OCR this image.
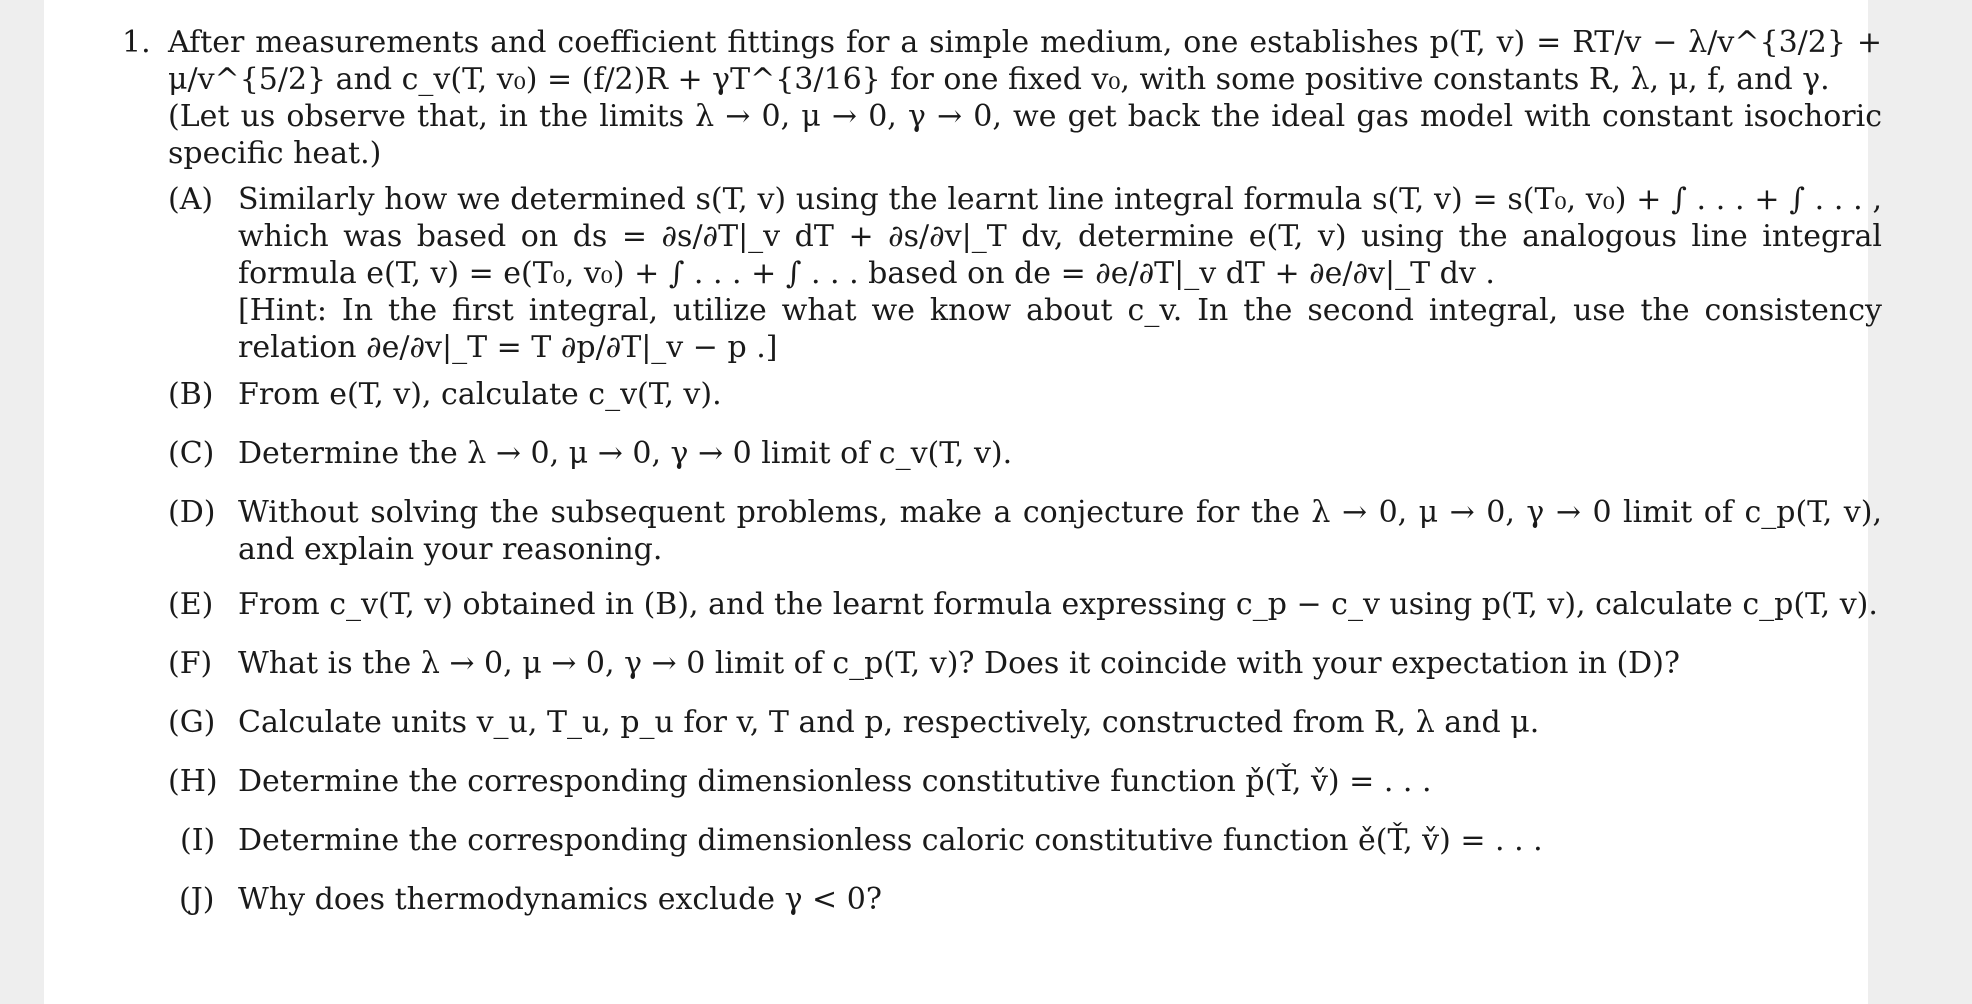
1. After measurements and coefficient fittings for a simple medium, one establishes p(T, v) = RT/v − λ/v^{3/2} + μ/v^{5/2} and c_v(T, v₀) = (f/2)R + γT^{3/16} for one fixed v₀, with some positive constants R, λ, μ, f, and γ.

(Let us observe that, in the limits λ → 0, μ → 0, γ → 0, we get back the ideal gas model with constant isochoric specific heat.)

(A) Similarly how we determined s(T, v) using the learnt line integral formula s(T, v) = s(T₀, v₀) + ∫ . . . + ∫ . . . , which was based on ds = ∂s/∂T|_v dT + ∂s/∂v|_T dv, determine e(T, v) using the analogous line integral formula e(T, v) = e(T₀, v₀) + ∫ . . . + ∫ . . . based on de = ∂e/∂T|_v dT + ∂e/∂v|_T dv .

[Hint: In the first integral, utilize what we know about c_v. In the second integral, use the consistency relation ∂e/∂v|_T = T ∂p/∂T|_v − p .]

(B) From e(T, v), calculate c_v(T, v).

(C) Determine the λ → 0, μ → 0, γ → 0 limit of c_v(T, v).

(D) Without solving the subsequent problems, make a conjecture for the λ → 0, μ → 0, γ → 0 limit of c_p(T, v), and explain your reasoning.

(E) From c_v(T, v) obtained in (B), and the learnt formula expressing c_p − c_v using p(T, v), calculate c_p(T, v).

(F) What is the λ → 0, μ → 0, γ → 0 limit of c_p(T, v)? Does it coincide with your expectation in (D)?

(G) Calculate units v_u, T_u, p_u for v, T and p, respectively, constructed from R, λ and μ.

(H) Determine the corresponding dimensionless constitutive function p̌(Ť, v̌) = . . .

(I) Determine the corresponding dimensionless caloric constitutive function ě(Ť, v̌) = . . .

(J) Why does thermodynamics exclude γ < 0?
